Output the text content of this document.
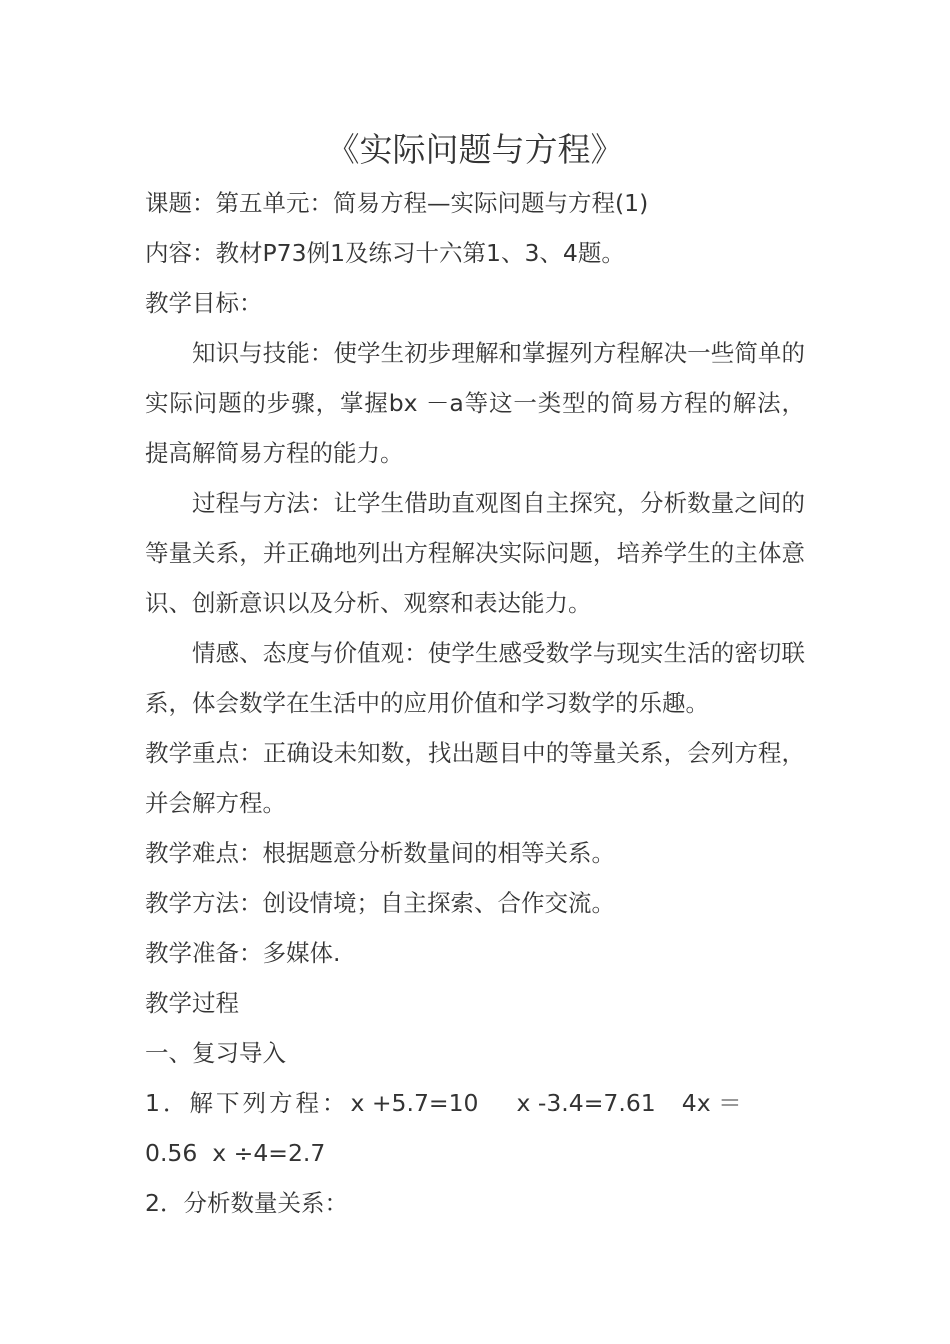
《实际问题与方程》
课题：第五单元：简易方程—实际问题与方程(1)
内容：教材P73例1及练习十六第1、3、4题。
教学目标：

知识与技能：使学生初步理解和掌握列方程解决一些简单的实际问题的步骤，掌握bx －a等这一类型的简易方程的解法，提高解简易方程的能力。

过程与方法：让学生借助直观图自主探究，分析数量之间的等量关系，并正确地列出方程解决实际问题，培养学生的主体意识、创新意识以及分析、观察和表达能力。

情感、态度与价值观：使学生感受数学与现实生活的密切联系，体会数学在生活中的应用价值和学习数学的乐趣。

教学重点：正确设未知数，找出题目中的等量关系，会列方程，并会解方程。

教学难点：根据题意分析数量间的相等关系。
教学方法：创设情境；自主探索、合作交流。
教学准备：多媒体.
教学过程
一、复习导入
1．解下列方程：x +5.7=10 x -3.4=7.61 4x ＝
0.56  x ÷4=2.7
2．分析数量关系：
